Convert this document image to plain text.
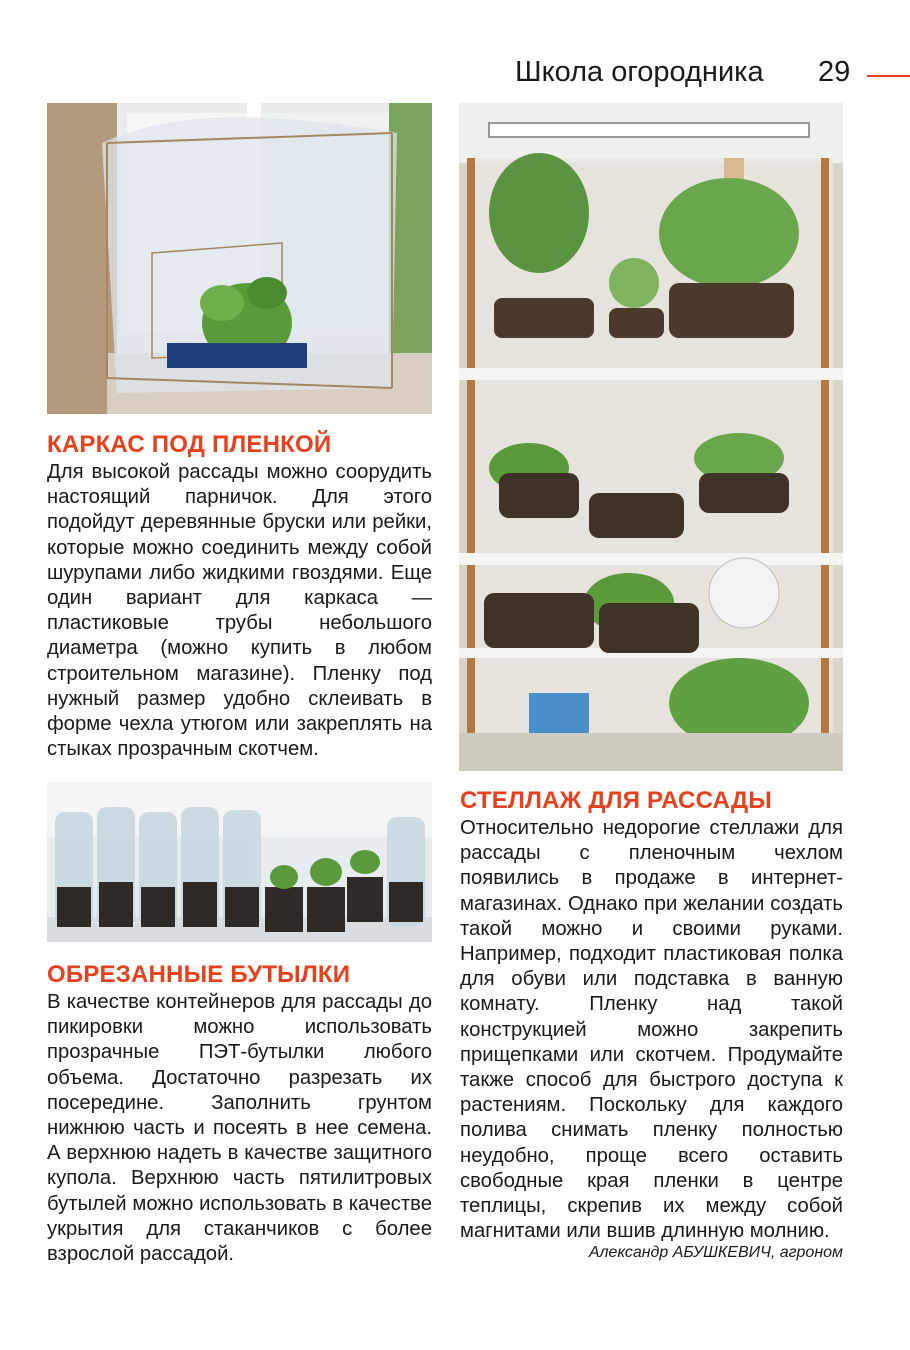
Школа огородника 29
КАРКАС ПОД ПЛЕНКОЙ

Для высокой рассады можно соорудить настоящий парничок. Для этого подойдут деревянные бруски или рейки, которые можно соединить между собой шурупами либо жидкими гвоздями. Еще один вариант для каркаса — пластиковые трубы небольшого диаметра (можно купить в любом строительном магазине). Пленку под нужный размер удобно склеивать в форме чехла утюгом или закреплять на стыках прозрачным скотчем.

ОБРЕЗАННЫЕ БУТЫЛКИ

В качестве контейнеров для рассады до пикировки можно использовать прозрачные ПЭТ-бутылки любого объема. Достаточно разрезать их посередине. Заполнить грунтом нижнюю часть и посеять в нее семена. А верхнюю надеть в качестве защитного купола. Верхнюю часть пятилитровых бутылей можно использовать в качестве укрытия для стаканчиков с более взрослой рассадой.

СТЕЛЛАЖ ДЛЯ РАССАДЫ

Относительно недорогие стеллажи для рассады с пленочным чехлом появились в продаже в интернет-магазинах. Однако при желании создать такой можно и своими руками. Например, подходит пластиковая полка для обуви или подставка в ванную комнату. Пленку над такой конструкцией можно закрепить прищепками или скотчем. Продумайте также способ для быстрого доступа к растениям. Поскольку для каждого полива снимать пленку полностью неудобно, проще всего оставить свободные края пленки в центре теплицы, скрепив их между собой магнитами или вшив длинную молнию.

Александр АБУШКЕВИЧ, агроном
